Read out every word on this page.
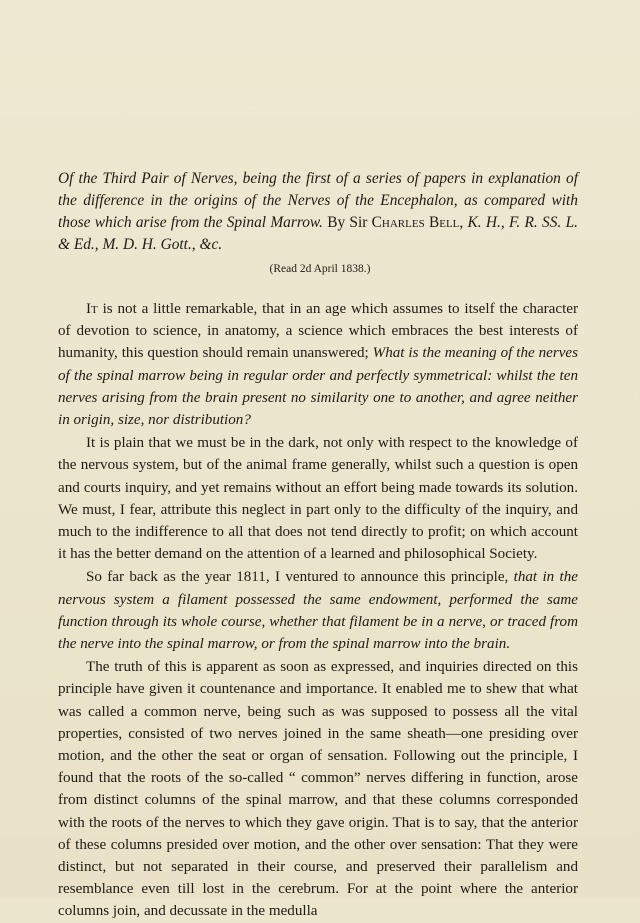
Of the Third Pair of Nerves, being the first of a series of papers in explanation of the difference in the origins of the Nerves of the Encephalon, as compared with those which arise from the Spinal Marrow. By Sir Charles Bell, K. H., F. R. SS. L. & Ed., M. D. H. Gott., &c.
(Read 2d April 1838.)

It is not a little remarkable, that in an age which assumes to itself the character of devotion to science, in anatomy, a science which embraces the best interests of humanity, this question should remain unanswered; What is the meaning of the nerves of the spinal marrow being in regular order and perfectly symmetrical: whilst the ten nerves arising from the brain present no similarity one to another, and agree neither in origin, size, nor distribution?

It is plain that we must be in the dark, not only with respect to the knowledge of the nervous system, but of the animal frame generally, whilst such a question is open and courts inquiry, and yet remains without an effort being made towards its solution. We must, I fear, attribute this neglect in part only to the difficulty of the inquiry, and much to the indifference to all that does not tend directly to profit; on which account it has the better demand on the attention of a learned and philosophical Society.

So far back as the year 1811, I ventured to announce this principle, that in the nervous system a filament possessed the same endowment, performed the same function through its whole course, whether that filament be in a nerve, or traced from the nerve into the spinal marrow, or from the spinal marrow into the brain.

The truth of this is apparent as soon as expressed, and inquiries directed on this principle have given it countenance and importance. It enabled me to shew that what was called a common nerve, being such as was supposed to possess all the vital properties, consisted of two nerves joined in the same sheath—one presiding over motion, and the other the seat or organ of sensation. Following out the principle, I found that the roots of the so-called “ common” nerves differing in function, arose from distinct columns of the spinal marrow, and that these columns corresponded with the roots of the nerves to which they gave origin. That is to say, that the anterior of these columns presided over motion, and the other over sensation: That they were distinct, but not separated in their course, and preserved their parallelism and resemblance even till lost in the cerebrum. For at the point where the anterior columns join, and decussate in the medulla
